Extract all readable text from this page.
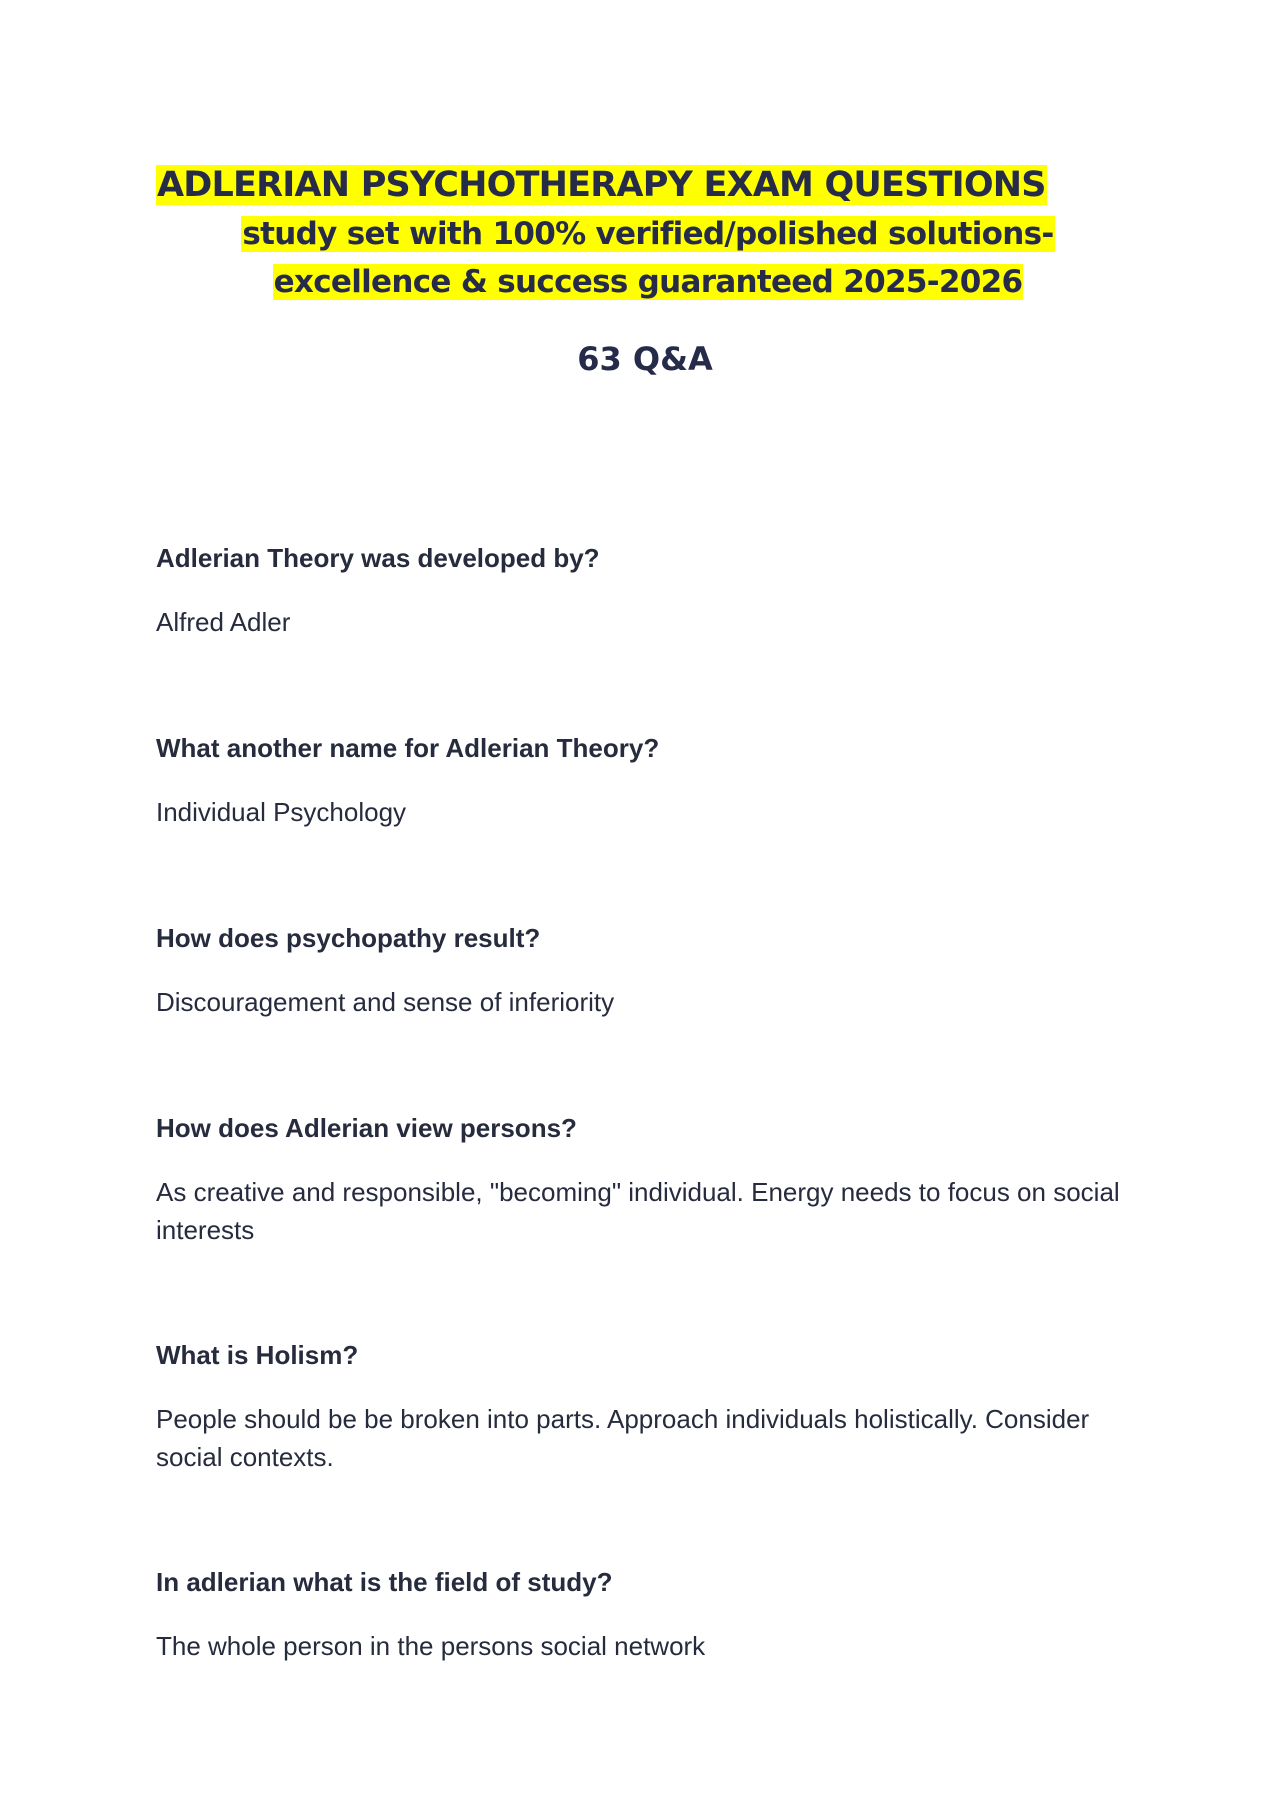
ADLERIAN PSYCHOTHERAPY EXAM QUESTIONS
study set with 100% verified/polished solutions-
excellence & success guaranteed 2025-2026
63 Q&A

Adlerian Theory was developed by?

Alfred Adler

What another name for Adlerian Theory?

Individual Psychology

How does psychopathy result?

Discouragement and sense of inferiority

How does Adlerian view persons?

As creative and responsible, "becoming" individual. Energy needs to focus on social interests

What is Holism?

People should be be broken into parts. Approach individuals holistically. Consider social contexts.

In adlerian what is the field of study?

The whole person in the persons social network
